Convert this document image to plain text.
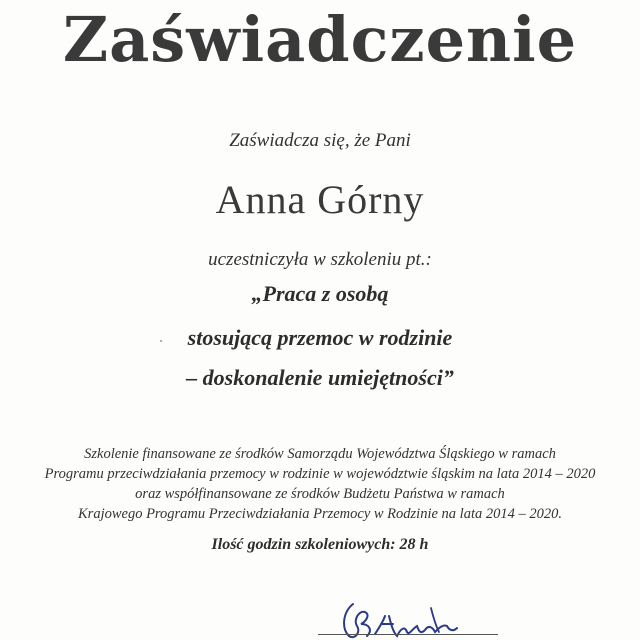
Zaświadczenie
Zaświadcza się, że Pani
Anna Górny
uczestniczyła w szkoleniu pt.:
„Praca z osobą
stosującą przemoc w rodzinie
– doskonalenie umiejętności”
Szkolenie finansowane ze środków Samorządu Województwa Śląskiego w ramach
Programu przeciwdziałania przemocy w rodzinie w województwie śląskim na lata 2014 – 2020
oraz współfinansowane ze środków Budżetu Państwa w ramach
Krajowego Programu Przeciwdziałania Przemocy w Rodzinie na lata 2014 – 2020.
Ilość godzin szkoleniowych: 28 h
